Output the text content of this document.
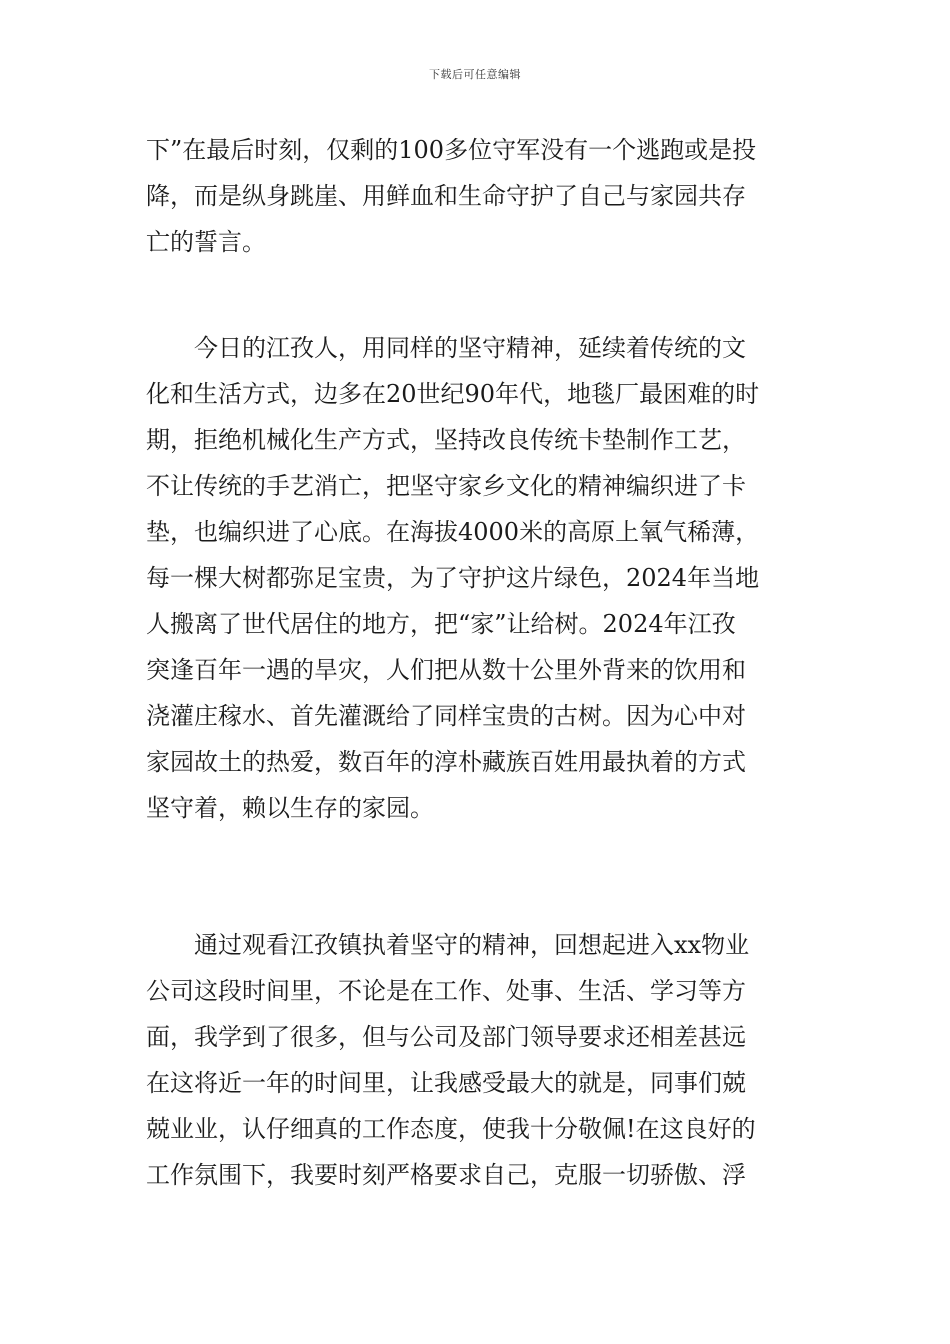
下载后可任意编辑
下”在最后时刻，仅剩的100多位守军没有一个逃跑或是投
降，而是纵身跳崖、用鲜血和生命守护了自己与家园共存
亡的誓言。
今日的江孜人，用同样的坚守精神，延续着传统的文
化和生活方式，边多在20世纪90年代，地毯厂最困难的时
期，拒绝机械化生产方式，坚持改良传统卡垫制作工艺，
不让传统的手艺消亡，把坚守家乡文化的精神编织进了卡
垫，也编织进了心底。在海拔4000米的高原上氧气稀薄，
每一棵大树都弥足宝贵，为了守护这片绿色，2024年当地
人搬离了世代居住的地方，把“家”让给树。2024年江孜
突逢百年一遇的旱灾，人们把从数十公里外背来的饮用和
浇灌庄稼水、首先灌溉给了同样宝贵的古树。因为心中对
家园故土的热爱，数百年的淳朴藏族百姓用最执着的方式
坚守着，赖以生存的家园。
通过观看江孜镇执着坚守的精神，回想起进入xx物业
公司这段时间里，不论是在工作、处事、生活、学习等方
面，我学到了很多，但与公司及部门领导要求还相差甚远
在这将近一年的时间里，让我感受最大的就是，同事们兢
兢业业，认仔细真的工作态度，使我十分敬佩!在这良好的
工作氛围下，我要时刻严格要求自己，克服一切骄傲、浮
